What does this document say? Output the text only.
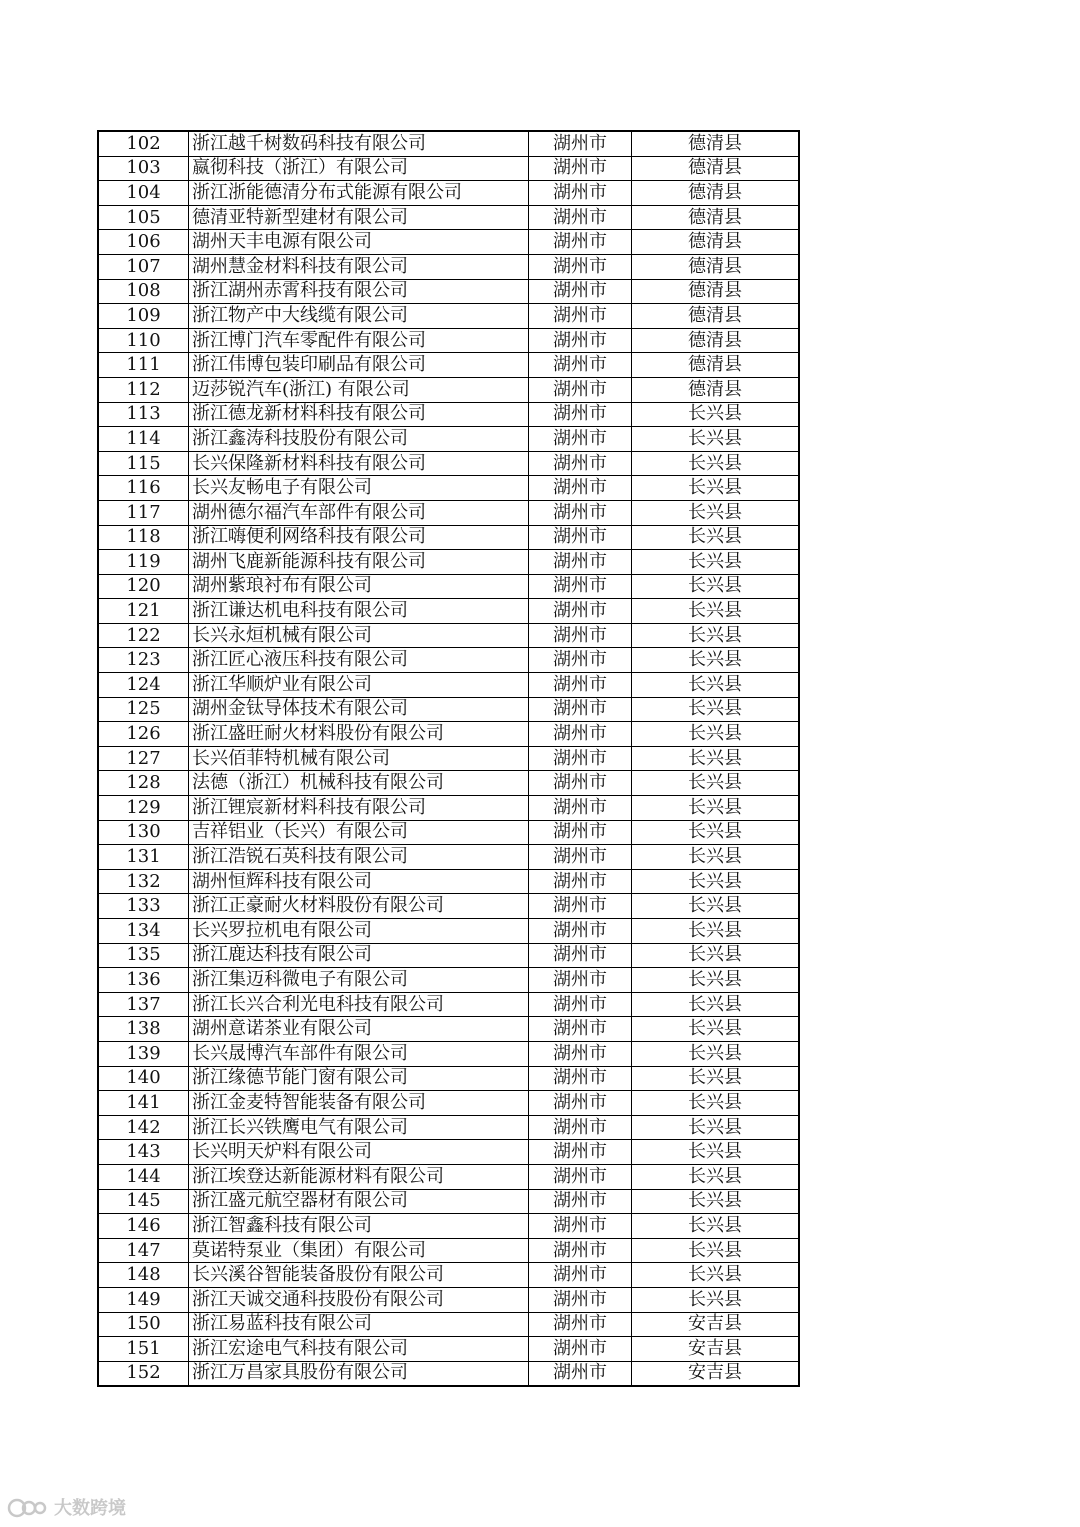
102	浙江越千树数码科技有限公司	湖州市	德清县
103	嬴彻科技（浙江）有限公司	湖州市	德清县
104	浙江浙能德清分布式能源有限公司	湖州市	德清县
105	德清亚特新型建材有限公司	湖州市	德清县
106	湖州天丰电源有限公司	湖州市	德清县
107	湖州慧金材料科技有限公司	湖州市	德清县
108	浙江湖州赤霄科技有限公司	湖州市	德清县
109	浙江物产中大线缆有限公司	湖州市	德清县
110	浙江博门汽车零配件有限公司	湖州市	德清县
111	浙江伟博包装印刷品有限公司	湖州市	德清县
112	迈莎锐汽车(浙江) 有限公司	湖州市	德清县
113	浙江德龙新材料科技有限公司	湖州市	长兴县
114	浙江鑫涛科技股份有限公司	湖州市	长兴县
115	长兴保隆新材料科技有限公司	湖州市	长兴县
116	长兴友畅电子有限公司	湖州市	长兴县
117	湖州德尔福汽车部件有限公司	湖州市	长兴县
118	浙江嗨便利网络科技有限公司	湖州市	长兴县
119	湖州飞鹿新能源科技有限公司	湖州市	长兴县
120	湖州紫琅衬布有限公司	湖州市	长兴县
121	浙江谦达机电科技有限公司	湖州市	长兴县
122	长兴永烜机械有限公司	湖州市	长兴县
123	浙江匠心液压科技有限公司	湖州市	长兴县
124	浙江华顺炉业有限公司	湖州市	长兴县
125	湖州金钛导体技术有限公司	湖州市	长兴县
126	浙江盛旺耐火材料股份有限公司	湖州市	长兴县
127	长兴佰菲特机械有限公司	湖州市	长兴县
128	法德（浙江）机械科技有限公司	湖州市	长兴县
129	浙江锂宸新材料科技有限公司	湖州市	长兴县
130	吉祥铝业（长兴）有限公司	湖州市	长兴县
131	浙江浩锐石英科技有限公司	湖州市	长兴县
132	湖州恒辉科技有限公司	湖州市	长兴县
133	浙江正豪耐火材料股份有限公司	湖州市	长兴县
134	长兴罗拉机电有限公司	湖州市	长兴县
135	浙江鹿达科技有限公司	湖州市	长兴县
136	浙江集迈科微电子有限公司	湖州市	长兴县
137	浙江长兴合利光电科技有限公司	湖州市	长兴县
138	湖州意诺茶业有限公司	湖州市	长兴县
139	长兴晟博汽车部件有限公司	湖州市	长兴县
140	浙江缘德节能门窗有限公司	湖州市	长兴县
141	浙江金麦特智能装备有限公司	湖州市	长兴县
142	浙江长兴铁鹰电气有限公司	湖州市	长兴县
143	长兴明天炉料有限公司	湖州市	长兴县
144	浙江埃登达新能源材料有限公司	湖州市	长兴县
145	浙江盛元航空器材有限公司	湖州市	长兴县
146	浙江智鑫科技有限公司	湖州市	长兴县
147	莫诺特泵业（集团）有限公司	湖州市	长兴县
148	长兴溪谷智能装备股份有限公司	湖州市	长兴县
149	浙江天诚交通科技股份有限公司	湖州市	长兴县
150	浙江易蓝科技有限公司	湖州市	安吉县
151	浙江宏途电气科技有限公司	湖州市	安吉县
152	浙江万昌家具股份有限公司	湖州市	安吉县
大数跨境
